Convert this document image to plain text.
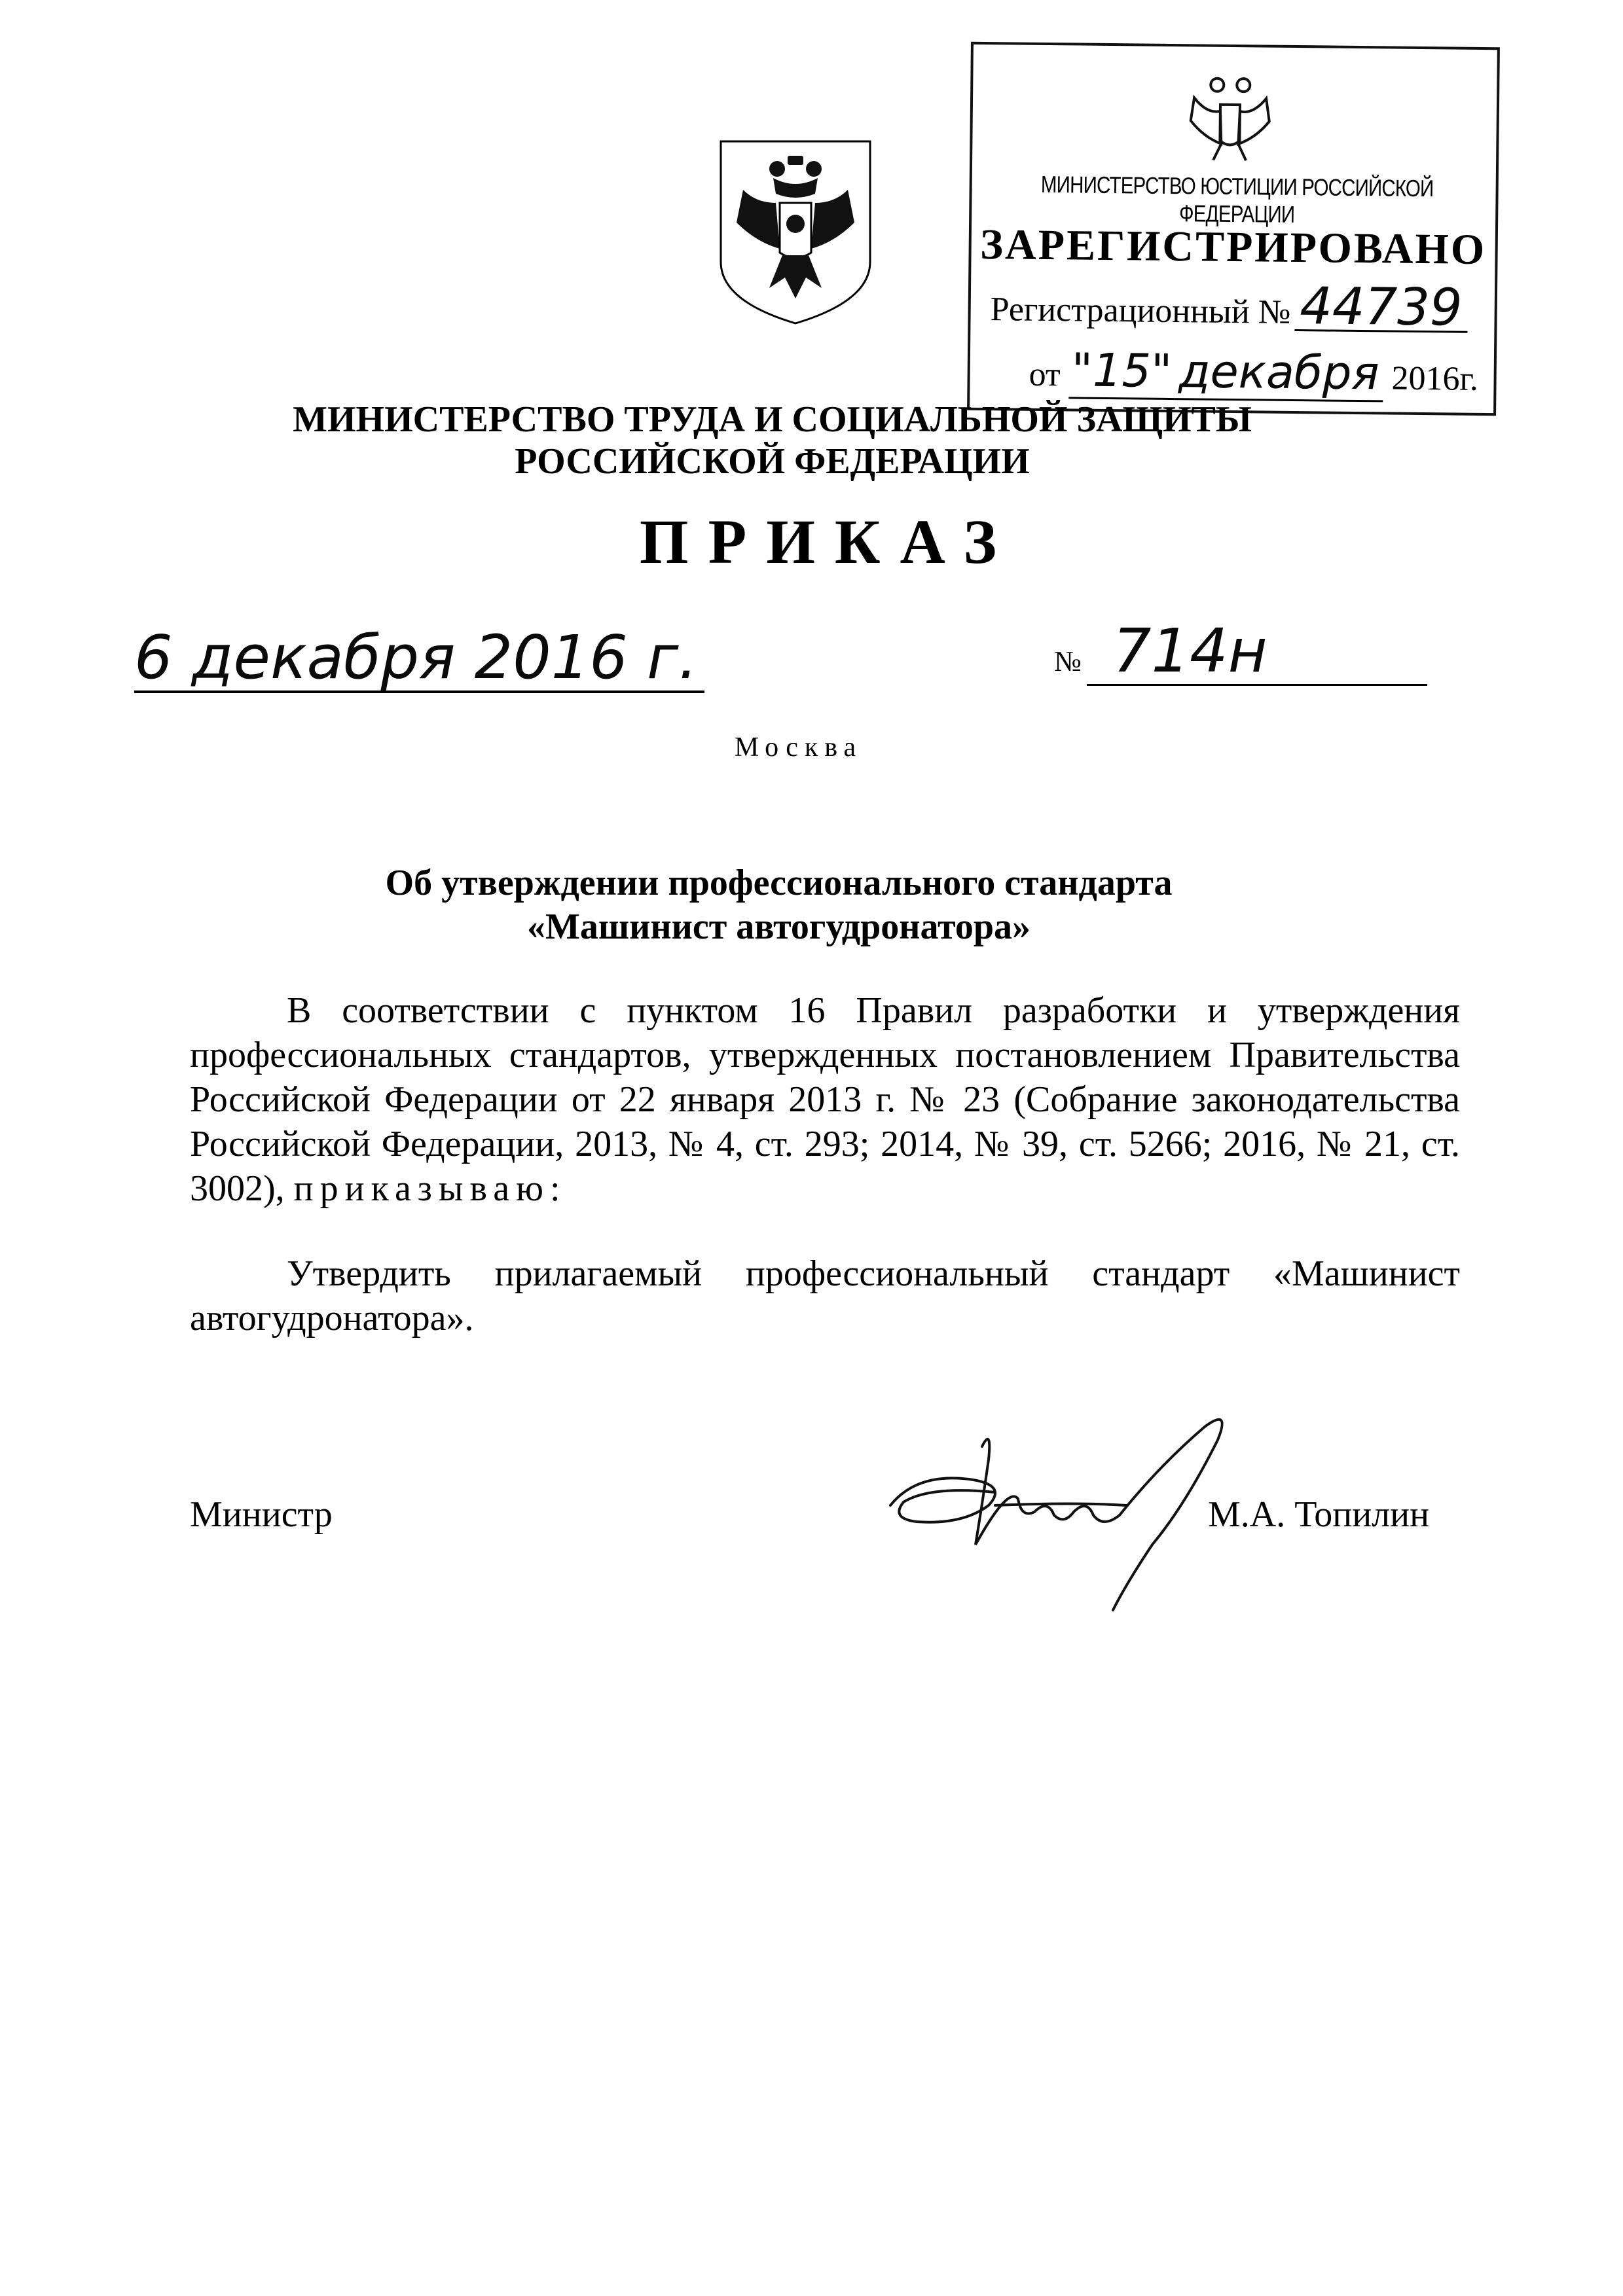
МИНИСТЕРСТВО ЮСТИЦИИ РОССИЙСКОЙ ФЕДЕРАЦИИ
ЗАРЕГИСТРИРОВАНО
Регистрационный № 44739
от "15" декабря 2016г.
МИНИСТЕРСТВО ТРУДА И СОЦИАЛЬНОЙ ЗАЩИТЫ
РОССИЙСКОЙ ФЕДЕРАЦИИ
ПРИКАЗ
6 декабря 2016 г.	№ 714н
Москва
Об утверждении профессионального стандарта
«Машинист автогудронатора»
В соответствии с пунктом 16 Правил разработки и утверждения профессиональных стандартов, утвержденных постановлением Правительства Российской Федерации от 22 января 2013 г. № 23 (Собрание законодательства Российской Федерации, 2013, № 4, ст. 293; 2014, № 39, ст. 5266; 2016, № 21, ст. 3002), приказываю:
Утвердить прилагаемый профессиональный стандарт «Машинист автогудронатора».
Министр	М.А. Топилин
